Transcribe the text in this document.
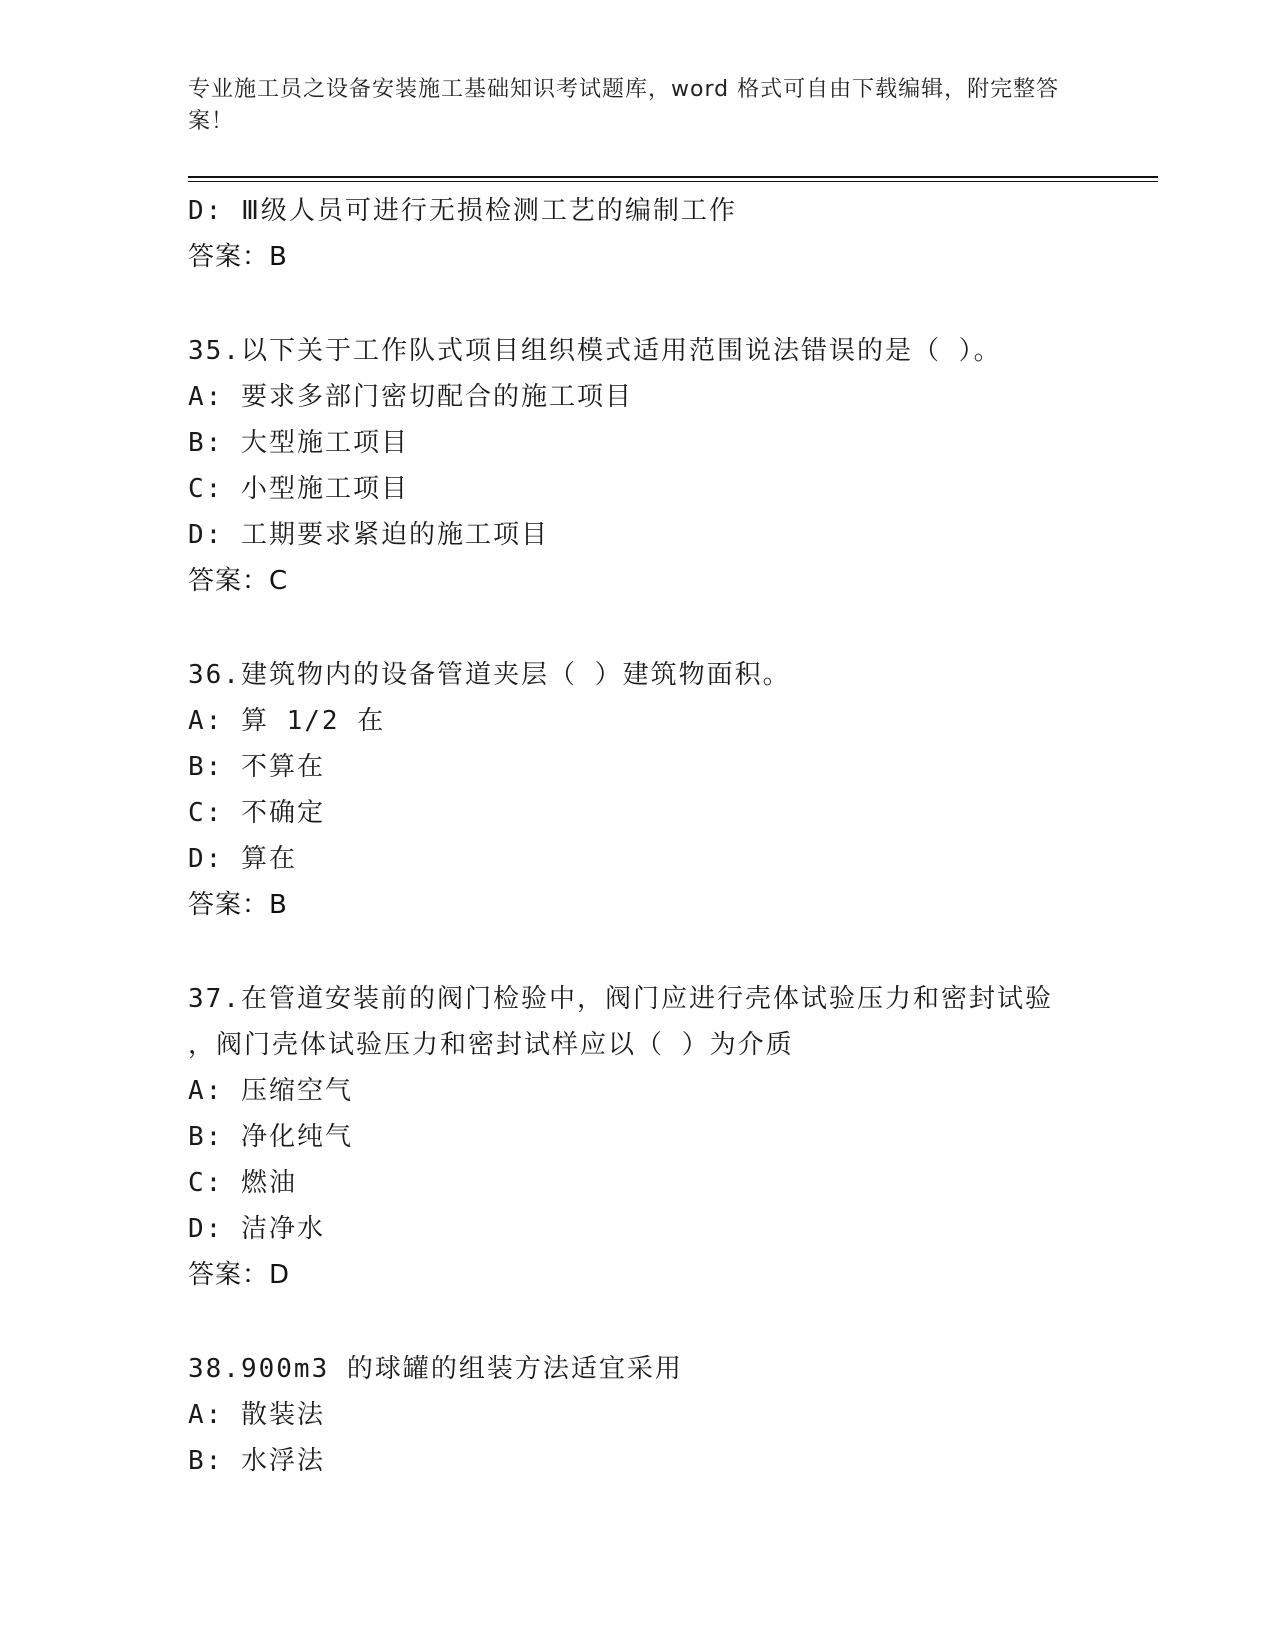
专业施工员之设备安装施工基础知识考试题库，word 格式可自由下载编辑，附完整答案！
D: Ⅲ级人员可进行无损检测工艺的编制工作
答案：B
35.以下关于工作队式项目组织模式适用范围说法错误的是（ ）。
A: 要求多部门密切配合的施工项目
B: 大型施工项目
C: 小型施工项目
D: 工期要求紧迫的施工项目
答案：C
36.建筑物内的设备管道夹层（ ）建筑物面积。
A: 算 1/2 在
B: 不算在
C: 不确定
D: 算在
答案：B
37.在管道安装前的阀门检验中，阀门应进行壳体试验压力和密封试验
，阀门壳体试验压力和密封试样应以（ ）为介质
A: 压缩空气
B: 净化纯气
C: 燃油
D: 洁净水
答案：D
38.900m3 的球罐的组装方法适宜采用
A: 散装法
B: 水浮法
